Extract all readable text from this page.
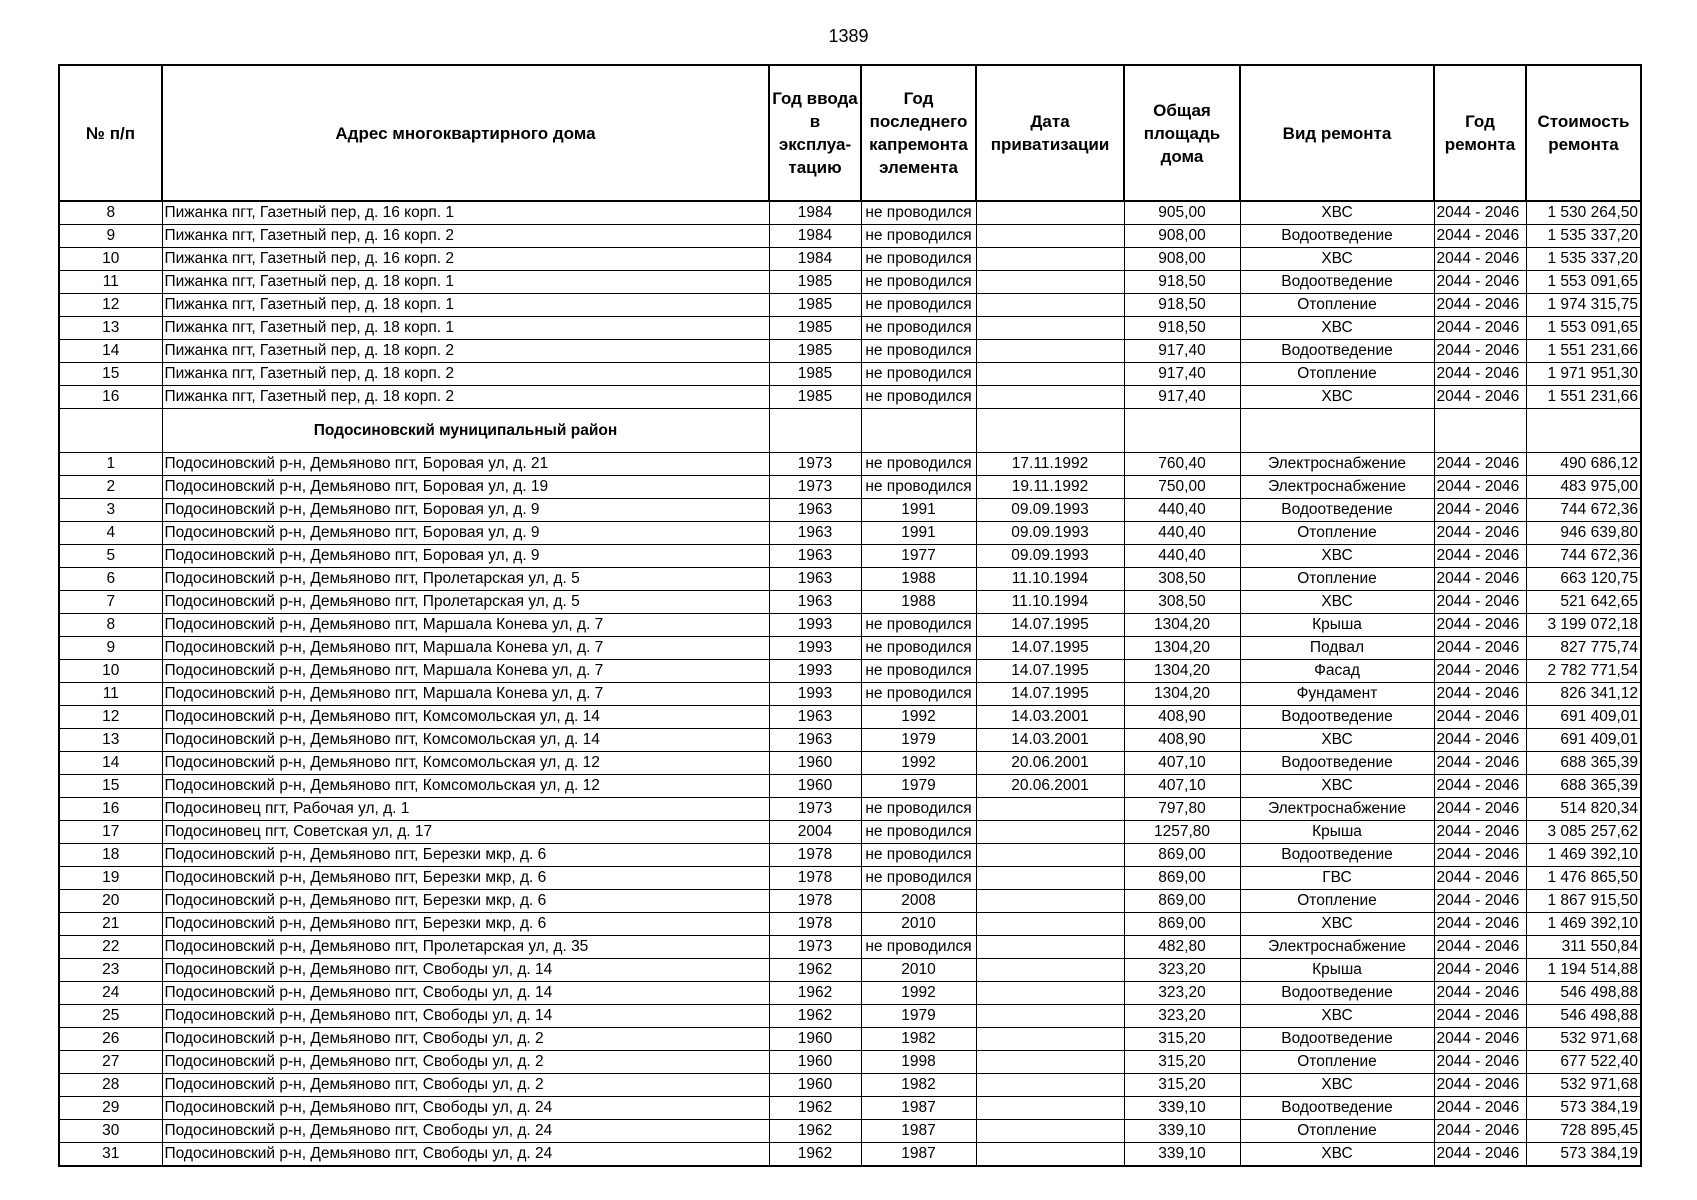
1389
№ п/п	Адрес многоквартирного дома	Год ввода в эксплуа-тацию	Год последнего капремонта элемента	Дата приватизации	Общая площадь дома	Вид ремонта	Год ремонта	Стоимость ремонта
8	Пижанка пгт, Газетный пер, д. 16 корп. 1	1984	не проводился		905,00	ХВС	2044 - 2046	1 530 264,50
9	Пижанка пгт, Газетный пер, д. 16 корп. 2	1984	не проводился		908,00	Водоотведение	2044 - 2046	1 535 337,20
10	Пижанка пгт, Газетный пер, д. 16 корп. 2	1984	не проводился		908,00	ХВС	2044 - 2046	1 535 337,20
11	Пижанка пгт, Газетный пер, д. 18 корп. 1	1985	не проводился		918,50	Водоотведение	2044 - 2046	1 553 091,65
12	Пижанка пгт, Газетный пер, д. 18 корп. 1	1985	не проводился		918,50	Отопление	2044 - 2046	1 974 315,75
13	Пижанка пгт, Газетный пер, д. 18 корп. 1	1985	не проводился		918,50	ХВС	2044 - 2046	1 553 091,65
14	Пижанка пгт, Газетный пер, д. 18 корп. 2	1985	не проводился		917,40	Водоотведение	2044 - 2046	1 551 231,66
15	Пижанка пгт, Газетный пер, д. 18 корп. 2	1985	не проводился		917,40	Отопление	2044 - 2046	1 971 951,30
16	Пижанка пгт, Газетный пер, д. 18 корп. 2	1985	не проводился		917,40	ХВС	2044 - 2046	1 551 231,66
	Подосиновский муниципальный район							
1	Подосиновский р-н, Демьяново пгт, Боровая ул, д. 21	1973	не проводился	17.11.1992	760,40	Электроснабжение	2044 - 2046	490 686,12
2	Подосиновский р-н, Демьяново пгт, Боровая ул, д. 19	1973	не проводился	19.11.1992	750,00	Электроснабжение	2044 - 2046	483 975,00
3	Подосиновский р-н, Демьяново пгт, Боровая ул, д. 9	1963	1991	09.09.1993	440,40	Водоотведение	2044 - 2046	744 672,36
4	Подосиновский р-н, Демьяново пгт, Боровая ул, д. 9	1963	1991	09.09.1993	440,40	Отопление	2044 - 2046	946 639,80
5	Подосиновский р-н, Демьяново пгт, Боровая ул, д. 9	1963	1977	09.09.1993	440,40	ХВС	2044 - 2046	744 672,36
6	Подосиновский р-н, Демьяново пгт, Пролетарская ул, д. 5	1963	1988	11.10.1994	308,50	Отопление	2044 - 2046	663 120,75
7	Подосиновский р-н, Демьяново пгт, Пролетарская ул, д. 5	1963	1988	11.10.1994	308,50	ХВС	2044 - 2046	521 642,65
8	Подосиновский р-н, Демьяново пгт, Маршала Конева ул, д. 7	1993	не проводился	14.07.1995	1304,20	Крыша	2044 - 2046	3 199 072,18
9	Подосиновский р-н, Демьяново пгт, Маршала Конева ул, д. 7	1993	не проводился	14.07.1995	1304,20	Подвал	2044 - 2046	827 775,74
10	Подосиновский р-н, Демьяново пгт, Маршала Конева ул, д. 7	1993	не проводился	14.07.1995	1304,20	Фасад	2044 - 2046	2 782 771,54
11	Подосиновский р-н, Демьяново пгт, Маршала Конева ул, д. 7	1993	не проводился	14.07.1995	1304,20	Фундамент	2044 - 2046	826 341,12
12	Подосиновский р-н, Демьяново пгт, Комсомольская ул, д. 14	1963	1992	14.03.2001	408,90	Водоотведение	2044 - 2046	691 409,01
13	Подосиновский р-н, Демьяново пгт, Комсомольская ул, д. 14	1963	1979	14.03.2001	408,90	ХВС	2044 - 2046	691 409,01
14	Подосиновский р-н, Демьяново пгт, Комсомольская ул, д. 12	1960	1992	20.06.2001	407,10	Водоотведение	2044 - 2046	688 365,39
15	Подосиновский р-н, Демьяново пгт, Комсомольская ул, д. 12	1960	1979	20.06.2001	407,10	ХВС	2044 - 2046	688 365,39
16	Подосиновец пгт, Рабочая ул, д. 1	1973	не проводился		797,80	Электроснабжение	2044 - 2046	514 820,34
17	Подосиновец пгт, Советская ул, д. 17	2004	не проводился		1257,80	Крыша	2044 - 2046	3 085 257,62
18	Подосиновский р-н, Демьяново пгт, Березки мкр, д. 6	1978	не проводился		869,00	Водоотведение	2044 - 2046	1 469 392,10
19	Подосиновский р-н, Демьяново пгт, Березки мкр, д. 6	1978	не проводился		869,00	ГВС	2044 - 2046	1 476 865,50
20	Подосиновский р-н, Демьяново пгт, Березки мкр, д. 6	1978	2008		869,00	Отопление	2044 - 2046	1 867 915,50
21	Подосиновский р-н, Демьяново пгт, Березки мкр, д. 6	1978	2010		869,00	ХВС	2044 - 2046	1 469 392,10
22	Подосиновский р-н, Демьяново пгт, Пролетарская ул, д. 35	1973	не проводился		482,80	Электроснабжение	2044 - 2046	311 550,84
23	Подосиновский р-н, Демьяново пгт, Свободы ул, д. 14	1962	2010		323,20	Крыша	2044 - 2046	1 194 514,88
24	Подосиновский р-н, Демьяново пгт, Свободы ул, д. 14	1962	1992		323,20	Водоотведение	2044 - 2046	546 498,88
25	Подосиновский р-н, Демьяново пгт, Свободы ул, д. 14	1962	1979		323,20	ХВС	2044 - 2046	546 498,88
26	Подосиновский р-н, Демьяново пгт, Свободы ул, д. 2	1960	1982		315,20	Водоотведение	2044 - 2046	532 971,68
27	Подосиновский р-н, Демьяново пгт, Свободы ул, д. 2	1960	1998		315,20	Отопление	2044 - 2046	677 522,40
28	Подосиновский р-н, Демьяново пгт, Свободы ул, д. 2	1960	1982		315,20	ХВС	2044 - 2046	532 971,68
29	Подосиновский р-н, Демьяново пгт, Свободы ул, д. 24	1962	1987		339,10	Водоотведение	2044 - 2046	573 384,19
30	Подосиновский р-н, Демьяново пгт, Свободы ул, д. 24	1962	1987		339,10	Отопление	2044 - 2046	728 895,45
31	Подосиновский р-н, Демьяново пгт, Свободы ул, д. 24	1962	1987		339,10	ХВС	2044 - 2046	573 384,19
